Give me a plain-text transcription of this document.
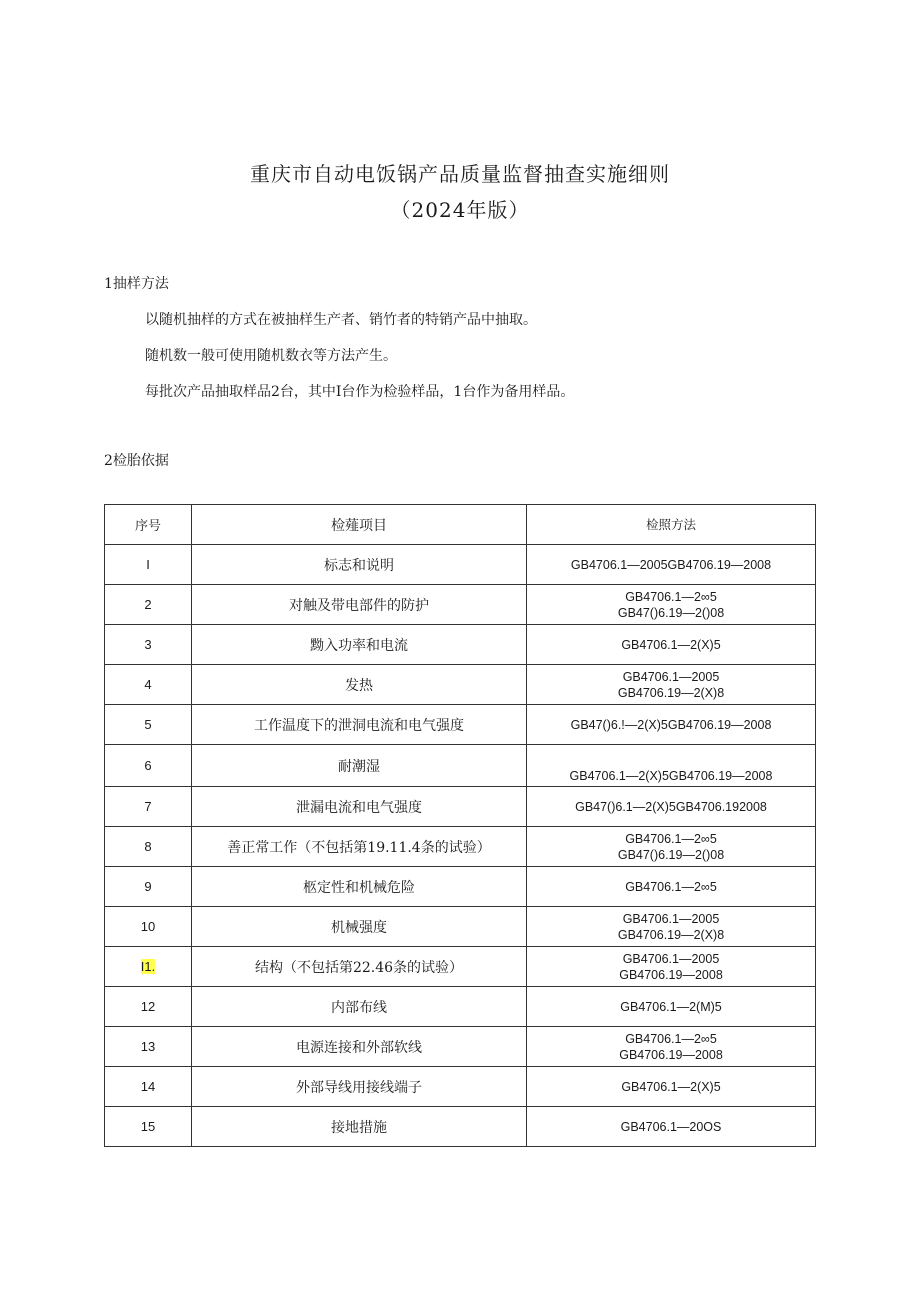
重庆市自动电饭锅产品质量监督抽查实施细则
（2024年版）
1抽样方法
以随机抽样的方式在被抽样生产者、销竹者的特销产品中抽取。
随机数一般可使用随机数衣等方法产生。
每批次产品抽取样品2台，其中I台作为检验样品，1台作为备用样品。
2检胎依据
序号	检薤项目	检照方法
I	标志和说明	GB4706.1—2005GB4706.19—2008

2	对触及带电部件的防护	GB4706.1—2∞5
GB47()6.19—2()08

3	黝入功率和电流	GB4706.1—2(X)5

4	发热	GB4706.1—2005
GB4706.19—2(X)8

5	工作温度下的泄洞电流和电气强度	GB47()6.!—2(X)5GB4706.19—2008

6	耐潮湿	GB4706.1—2(X)5GB4706.19—2008

7	泄漏电流和电气强度	GB47()6.1—2(X)5GB4706.192008

8	善正常工作（不包括第19.11.4条的试验）	GB4706.1—2∞5
GB47()6.19—2()08

9	柩定性和机械危险	GB4706.1—2∞5

10	机械强度	GB4706.1—2005
GB4706.19—2(X)8

I1.	结构（不包括第22.46条的试验）	GB4706.1—2005
GB4706.19—2008

12	内部布线	GB4706.1—2(M)5

13	电源连接和外部软线	GB4706.1—2∞5
GB4706.19—2008

14	外部导线用接线端子	GB4706.1—2(X)5

15	接地措施	GB4706.1—20OS
